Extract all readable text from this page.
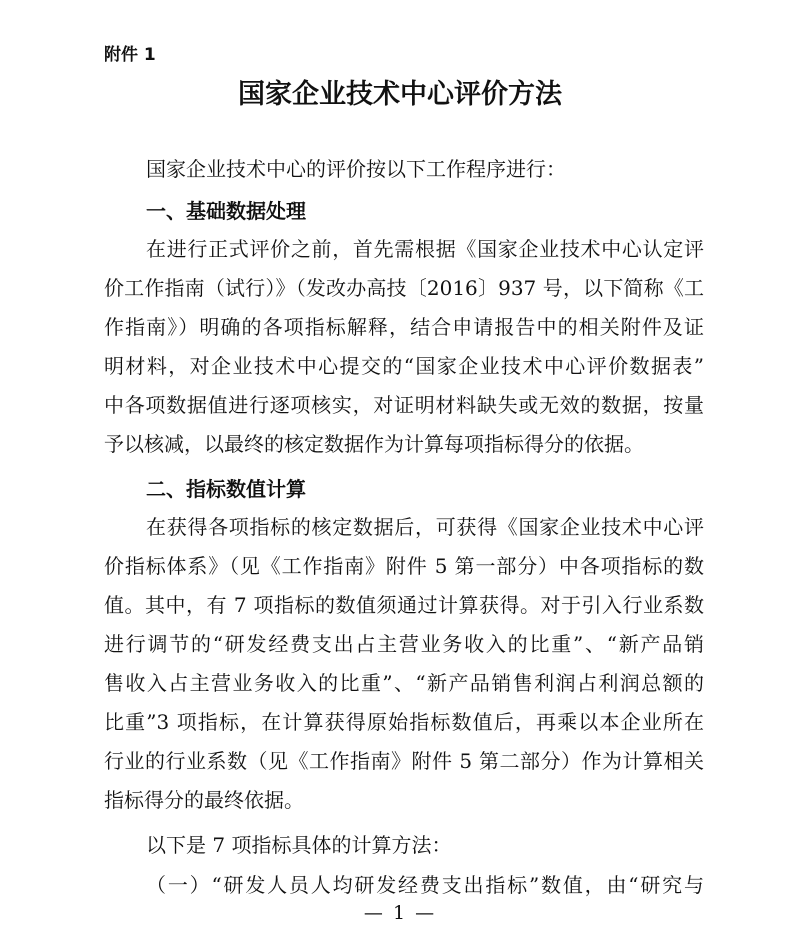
附件 1
国家企业技术中心评价方法
国家企业技术中心的评价按以下工作程序进行：
一、基础数据处理
在进行正式评价之前，首先需根据《国家企业技术中心认定评
价工作指南（试行）》（发改办高技〔2016〕937 号，以下简称《工
作指南》）明确的各项指标解释，结合申请报告中的相关附件及证
明材料，对企业技术中心提交的“国家企业技术中心评价数据表”
中各项数据值进行逐项核实，对证明材料缺失或无效的数据，按量
予以核减，以最终的核定数据作为计算每项指标得分的依据。
二、指标数值计算
在获得各项指标的核定数据后，可获得《国家企业技术中心评
价指标体系》（见《工作指南》附件 5 第一部分）中各项指标的数
值。其中，有 7 项指标的数值须通过计算获得。对于引入行业系数
进行调节的“研发经费支出占主营业务收入的比重”、“新产品销
售收入占主营业务收入的比重”、“新产品销售利润占利润总额的
比重”3 项指标，在计算获得原始指标数值后，再乘以本企业所在
行业的行业系数（见《工作指南》附件 5 第二部分）作为计算相关
指标得分的最终依据。
以下是 7 项指标具体的计算方法：
（一）“研发人员人均研发经费支出指标”数值，由“研究与
— 1 —
